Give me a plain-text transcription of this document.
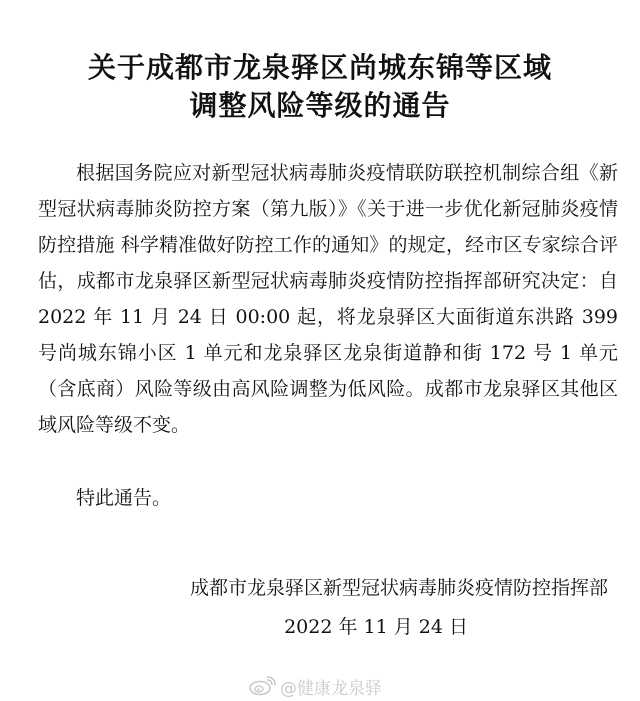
关于成都市龙泉驿区尚城东锦等区域
调整风险等级的通告
根据国务院应对新型冠状病毒肺炎疫情联防联控机制综合组《新型冠状病毒肺炎防控方案（第九版）》《关于进一步优化新冠肺炎疫情防控措施 科学精准做好防控工作的通知》的规定，经市区专家综合评估，成都市龙泉驿区新型冠状病毒肺炎疫情防控指挥部研究决定：自 2022 年 11 月 24 日 00:00 起，将龙泉驿区大面街道东洪路 399 号尚城东锦小区 1 单元和龙泉驿区龙泉街道静和街 172 号 1 单元（含底商）风险等级由高风险调整为低风险。成都市龙泉驿区其他区域风险等级不变。
特此通告。
成都市龙泉驿区新型冠状病毒肺炎疫情防控指挥部
2022 年 11 月 24 日
@健康龙泉驿
